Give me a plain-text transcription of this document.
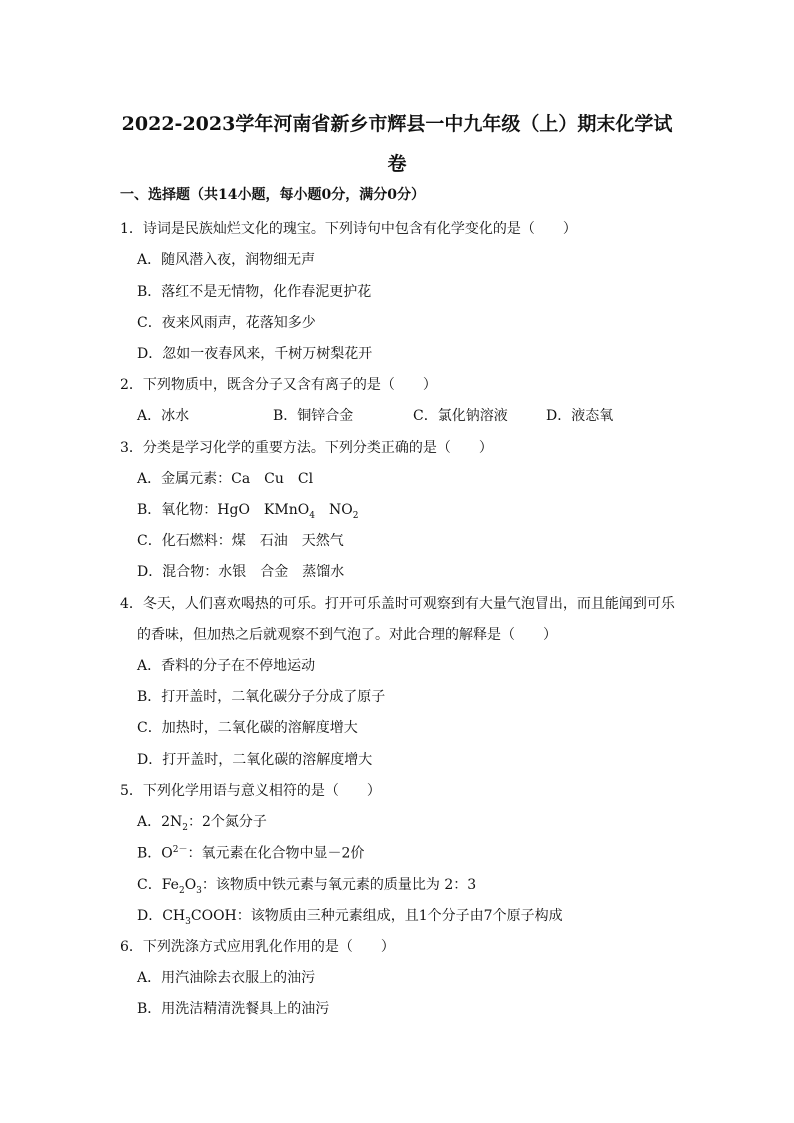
2022-2023学年河南省新乡市辉县一中九年级（上）期末化学试
卷

一、选择题（共14小题，每小题0分，满分0分）

1．诗词是民族灿烂文化的瑰宝。下列诗句中包含有化学变化的是（　　）

A．随风潜入夜，润物细无声

B．落红不是无情物，化作春泥更护花

C．夜来风雨声，花落知多少

D．忽如一夜春风来，千树万树梨花开

2．下列物质中，既含分子又含有离子的是（　　）

A．冰水	B．铜锌合金	C．氯化钠溶液	D．液态氧

3．分类是学习化学的重要方法。下列分类正确的是（　　）

A．金属元素：Ca　Cu　Cl

B．氧化物：HgO　KMnO$_4$　$NO_2$

C．化石燃料：煤　石油　天然气

D．混合物：水银　合金　蒸馏水

4．冬天，人们喜欢喝热的可乐。打开可乐盖时可观察到有大量气泡冒出，而且能闻到可乐

的香味，但加热之后就观察不到气泡了。对此合理的解释是（　　）

A．香料的分子在不停地运动

B．打开盖时，二氧化碳分子分成了原子

C．加热时，二氧化碳的溶解度增大

D．打开盖时，二氧化碳的溶解度增大

5．下列化学用语与意义相符的是（　　）

A．$2N_2$：2个氮分子

B．$O^{2-}$：氧元素在化合物中显－2价

C．$Fe_2O_3$：该物质中铁元素与氧元素的质量比为 2：3

D．$CH_3COOH$：该物质由三种元素组成，且1个分子由7个原子构成

6．下列洗涤方式应用乳化作用的是（　　）

A．用汽油除去衣服上的油污

B．用洗洁精清洗餐具上的油污
